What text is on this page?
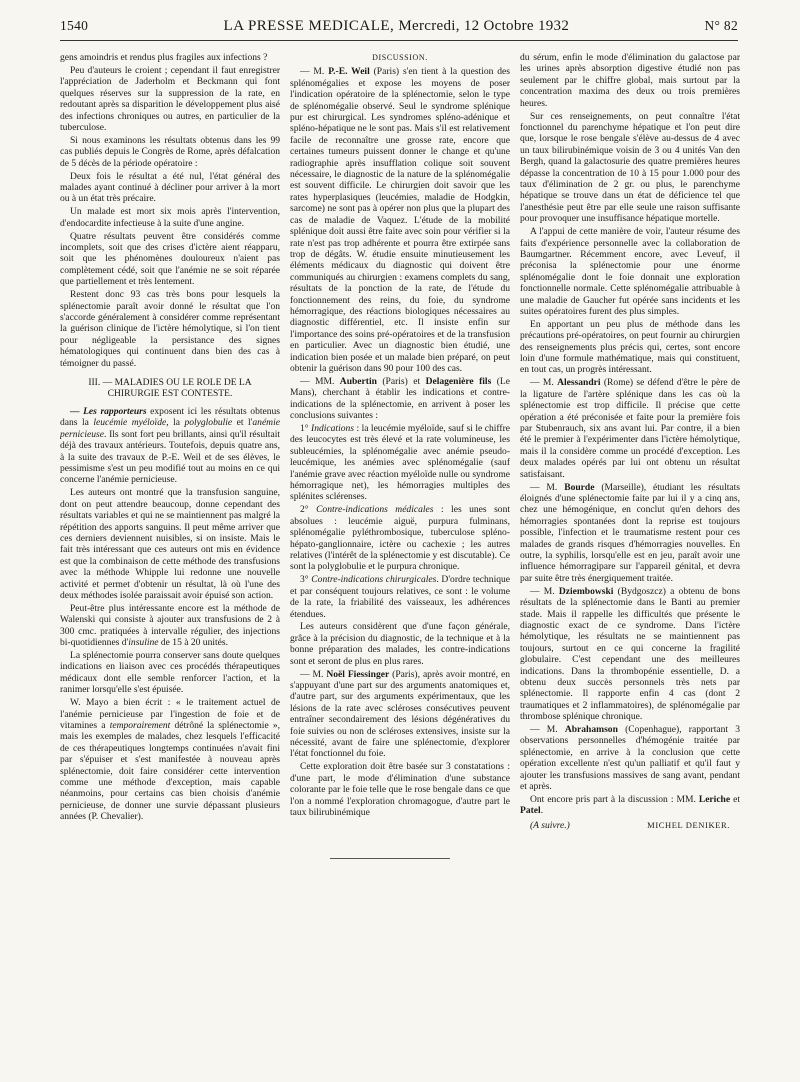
1540	LA PRESSE MEDICALE, Mercredi, 12 Octobre 1932	N° 82

gens amoindris et rendus plus fragiles aux infections ?

Peu d'auteurs le croient ; cependant il faut enregistrer l'appréciation de Jaderholm et Beckmann qui font quelques réserves sur la suppression de la rate, en redoutant après sa disparition le développement plus aisé des infections chroniques ou autres, en particulier de la tuberculose.

Si nous examinons les résultats obtenus dans les 99 cas publiés depuis le Congrès de Rome, après défalcation de 5 décès de la période opératoire :

Deux fois le résultat a été nul, l'état général des malades ayant continué à décliner pour arriver à la mort ou à un état très précaire.

Un malade est mort six mois après l'intervention, d'endocardite infectieuse à la suite d'une angine.

Quatre résultats peuvent être considérés comme incomplets, soit que des crises d'ictère aient réapparu, soit que les phénomènes douloureux n'aient pas complètement cédé, soit que l'anémie ne se soit réparée que partiellement et très lentement.

Restent donc 93 cas très bons pour lesquels la splénectomie paraît avoir donné le résultat que l'on s'accorde généralement à considérer comme représentant la guérison clinique de l'ictère hémolytique, si l'on tient pour négligeable la persistance des signes hématologiques qui continuent dans bien des cas à témoigner du passé.

III. — MALADIES OU LE ROLE DE LA
CHIRURGIE EST CONTESTE.

— Les rapporteurs exposent ici les résultats obtenus dans la leucémie myéloïde, la polyglobulie et l'anémie pernicieuse. Ils sont fort peu brillants, ainsi qu'il résultait déjà des travaux antérieurs. Toutefois, depuis quatre ans, à la suite des travaux de P.-E. Weil et de ses élèves, le pessimisme s'est un peu modifié tout au moins en ce qui concerne l'anémie pernicieuse.

Les auteurs ont montré que la transfusion sanguine, dont on peut attendre beaucoup, donne cependant des résultats variables et qui ne se maintiennent pas malgré la répétition des apports sanguins. Il peut même arriver que ces derniers deviennent nuisibles, si on insiste. Mais le fait très intéressant que ces auteurs ont mis en évidence est que la combinaison de cette méthode des transfusions avec la méthode Whipple lui redonne une nouvelle activité et permet d'obtenir un résultat, là où l'une des deux méthodes isolée paraissait avoir épuisé son action.

Peut-être plus intéressante encore est la méthode de Walenski qui consiste à ajouter aux transfusions de 2 à 300 cmc. pratiquées à intervalle régulier, des injections bi-quotidiennes d'insuline de 15 à 20 unités.

La splénectomie pourra conserver sans doute quelques indications en liaison avec ces procédés thérapeutiques médicaux dont elle semble renforcer l'action, et la ranimer lorsqu'elle s'est épuisée.

W. Mayo a bien écrit : « le traitement actuel de l'anémie pernicieuse par l'ingestion de foie et de vitamines a temporairement détrôné la splénectomie », mais les exemples de malades, chez lesquels l'efficacité de ces thérapeutiques longtemps continuées n'avait fini par s'épuiser et s'est manifestée à nouveau après splénectomie, doit faire considérer cette intervention comme une méthode d'exception, mais capable néanmoins, pour certains cas bien choisis d'anémie pernicieuse, de donner une survie dépassant plusieurs années (P. Chevalier).

DISCUSSION.

— M. P.-E. Weil (Paris) s'en tient à la question des splénomégalies et expose les moyens de poser l'indication opératoire de la splénectomie, selon le type de splénomégalie observé. Seul le syndrome splénique pur est chirurgical. Les syndromes spléno-adénique et spléno-hépatique ne le sont pas. Mais s'il est relativement facile de reconnaître une grosse rate, encore que certaines tumeurs puissent donner le change et qu'une radiographie après insufflation colique soit souvent nécessaire, le diagnostic de la nature de la splénomégalie est souvent difficile. Le chirurgien doit savoir que les rates hyperplasiques (leucémies, maladie de Hodgkin, sarcome) ne sont pas à opérer non plus que la plupart des cas de maladie de Vaquez. L'étude de la mobilité splénique doit aussi être faite avec soin pour vérifier si la rate n'est pas trop adhérente et pourra être extirpée sans trop de dégâts. W. étudie ensuite minutieusement les éléments médicaux du diagnostic qui doivent être communiqués au chirurgien : examens complets du sang, résultats de la ponction de la rate, de l'étude du fonctionnement des reins, du foie, du syndrome hémorragique, des réactions biologiques nécessaires au diagnostic différentiel, etc. Il insiste enfin sur l'importance des soins pré-opératoires et de la transfusion en particulier. Avec un diagnostic bien étudié, une indication bien posée et un malade bien préparé, on peut obtenir la guérison dans 90 pour 100 des cas.

— MM. Aubertin (Paris) et Delagenière fils (Le Mans), cherchant à établir les indications et contre-indications de la splénectomie, en arrivent à poser les conclusions suivantes :

1° Indications : la leucémie myéloïde, sauf si le chiffre des leucocytes est très élevé et la rate volumineuse, les subleucémies, la splénomégalie avec anémie pseudo-leucémique, les anémies avec splénomégalie (sauf l'anémie grave avec réaction myéloïde nulle ou syndrome hémorragique net), les hémorragies multiples des splénites sclérenses.

2° Contre-indications médicales : les unes sont absolues : leucémie aiguë, purpura fulminans, splénomégalie pyléthrombosique, tuberculose spléno-hépato-ganglionnaire, ictère ou cachexie ; les autres relatives (l'intérêt de la splénectomie y est discutable). Ce sont la polyglobulie et le purpura chronique.

3° Contre-indications chirurgicales. D'ordre technique et par conséquent toujours relatives, ce sont : le volume de la rate, la friabilité des vaisseaux, les adhérences étendues.

Les auteurs considèrent que d'une façon générale, grâce à la précision du diagnostic, de la technique et à la bonne préparation des malades, les contre-indications sont et seront de plus en plus rares.

— M. Noël Fiessinger (Paris), après avoir montré, en s'appuyant d'une part sur des arguments anatomiques et, d'autre part, sur des arguments expérimentaux, que les lésions de la rate avec scléroses consécutives peuvent entraîner secondairement des lésions dégénératives du foie suivies ou non de scléroses extensives, insiste sur la nécessité, avant de faire une splénectomie, d'explorer l'état fonctionnel du foie.

Cette exploration doit être basée sur 3 constatations : d'une part, le mode d'élimination d'une substance colorante par le foie telle que le rose bengale dans ce que l'on a nommé l'exploration chromagogue, d'autre part le taux bilirubinémique

du sérum, enfin le mode d'élimination du galactose par les urines après absorption digestive étudié non pas seulement par le chiffre global, mais surtout par la concentration maxima des deux ou trois premières heures.

Sur ces renseignements, on peut connaître l'état fonctionnel du parenchyme hépatique et l'on peut dire que, lorsque le rose bengale s'élève au-dessus de 4 avec un taux bilirubinémique voisin de 3 ou 4 unités Van den Bergh, quand la galactosurie des quatre premières heures dépasse la concentration de 10 à 15 pour 1.000 pour des taux d'élimination de 2 gr. ou plus, le parenchyme hépatique se trouve dans un état de déficience tel que l'anesthésie peut être par elle seule une raison suffisante pour provoquer une insuffisance hépatique mortelle.

A l'appui de cette manière de voir, l'auteur résume des faits d'expérience personnelle avec la collaboration de Baumgartner. Récemment encore, avec Leveuf, il préconisa la splénectomie pour une énorme splénomégalie dont le foie donnait une exploration fonctionnelle normale. Cette splénomégalie attribuable à une maladie de Gaucher fut opérée sans incidents et les suites opératoires furent des plus simples.

En apportant un peu plus de méthode dans les précautions pré-opératoires, on peut fournir au chirurgien des renseignements plus précis qui, certes, sont encore loin d'une formule mathématique, mais qui constituent, en tout cas, un progrès intéressant.

— M. Alessandri (Rome) se défend d'être le père de la ligature de l'artère splénique dans les cas où la splénectomie est trop difficile. Il précise que cette opération a été préconisée et faite pour la première fois par Stubenrauch, six ans avant lui. Par contre, il a bien été le premier à l'expérimenter dans l'ictère hémolytique, mais il la considère comme un procédé d'exception. Les deux malades opérés par lui ont obtenu un résultat satisfaisant.

— M. Bourde (Marseille), étudiant les résultats éloignés d'une splénectomie faite par lui il y a cinq ans, chez une hémogénique, en conclut qu'en dehors des hémorragies spontanées dont la reprise est toujours possible, l'infection et le traumatisme restent pour ces malades de grands risques d'hémorragies nouvelles. En outre, la syphilis, lorsqu'elle est en jeu, paraît avoir une influence hémorragipare sur l'appareil génital, et devra par suite être très énergiquement traitée.

— M. Dziembowski (Bydgoszcz) a obtenu de bons résultats de la splénectomie dans le Banti au premier stade. Mais il rappelle les difficultés que présente le diagnostic exact de ce syndrome. Dans l'ictère hémolytique, les résultats ne se maintiennent pas toujours, surtout en ce qui concerne la fragilité globulaire. C'est cependant une des meilleures indications. Dans la thrombopénie essentielle, D. a obtenu deux succès personnels très nets par splénectomie. Il rapporte enfin 4 cas (dont 2 traumatiques et 2 inflammatoires), de splénomégalie par thrombose splénique chronique.

— M. Abrahamson (Copenhague), rapportant 3 observations personnelles d'hémogénie traitée par splénectomie, en arrive à la conclusion que cette opération excellente n'est qu'un palliatif et qu'il faut y ajouter les transfusions massives de sang avant, pendant et après.

Ont encore pris part à la discussion : MM. Leriche et Patel.

(A suivre.)	MICHEL DENIKER.
